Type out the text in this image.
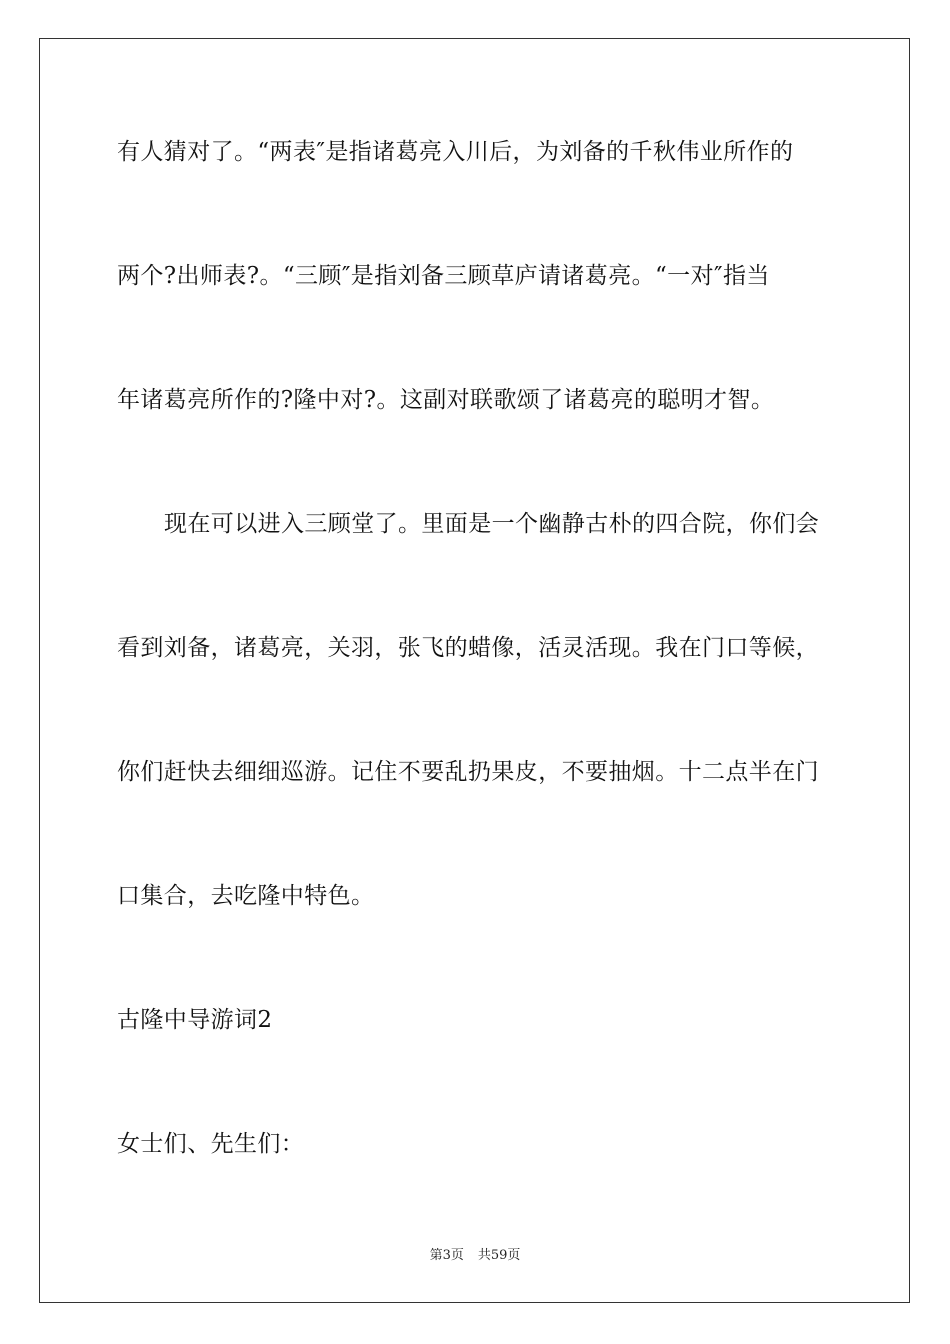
有人猜对了。“两表″是指诸葛亮入川后，为刘备的千秋伟业所作的
两个?出师表?。“三顾″是指刘备三顾草庐请诸葛亮。“一对″指当
年诸葛亮所作的?隆中对?。这副对联歌颂了诸葛亮的聪明才智。
现在可以进入三顾堂了。里面是一个幽静古朴的四合院，你们会
看到刘备，诸葛亮，关羽，张飞的蜡像，活灵活现。我在门口等候，
你们赶快去细细巡游。记住不要乱扔果皮，不要抽烟。十二点半在门
口集合，去吃隆中特色。
古隆中导游词2
女士们、先生们：
第3页 共59页
